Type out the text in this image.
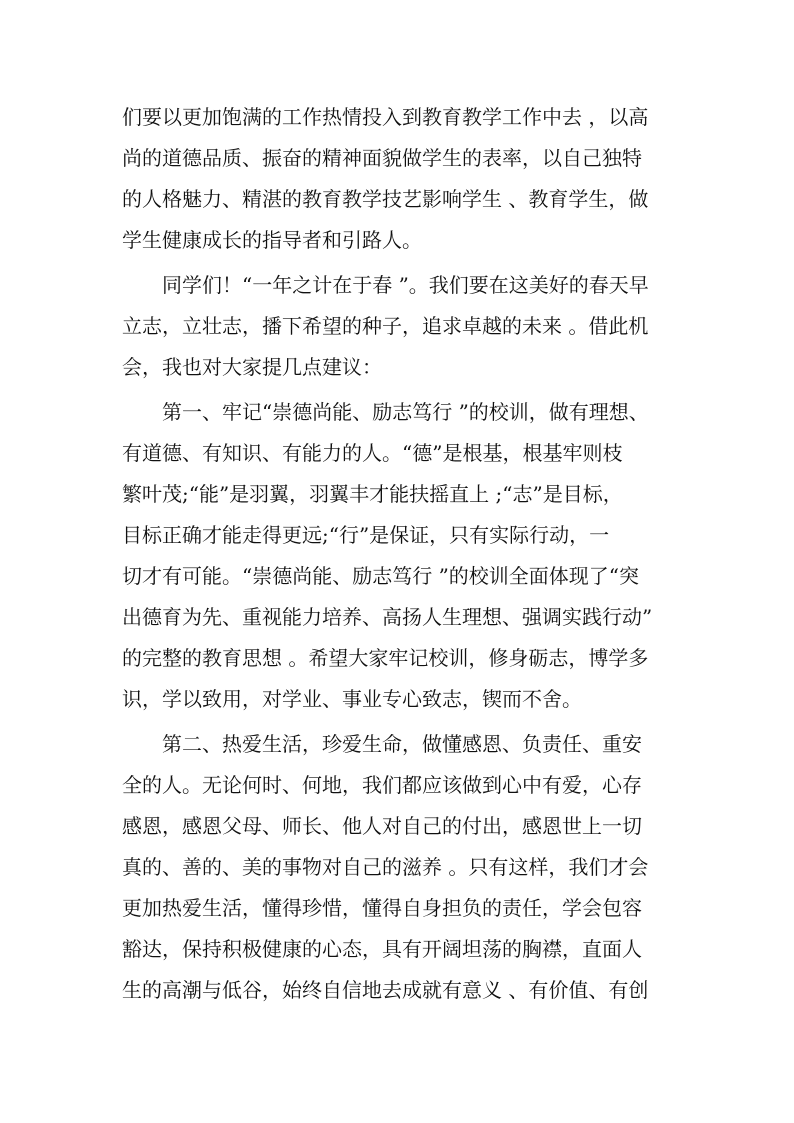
们要以更加饱满的工作热情投入到教育教学工作中去 ，以高
尚的道德品质、振奋的精神面貌做学生的表率，以自己独特
的人格魅力、精湛的教育教学技艺影响学生 、教育学生，做
学生健康成长的指导者和引路人。
　　同学们！“一年之计在于春 ”。我们要在这美好的春天早
立志，立壮志，播下希望的种子，追求卓越的未来 。借此机
会，我也对大家提几点建议：
　　第一、牢记“崇德尚能、励志笃行 ”的校训，做有理想、
有道德、有知识、有能力的人。“德”是根基，根基牢则枝
繁叶茂;“能”是羽翼，羽翼丰才能扶摇直上 ;“志”是目标，
目标正确才能走得更远;“行”是保证，只有实际行动，一
切才有可能。“崇德尚能、励志笃行 ”的校训全面体现了“突
出德育为先、重视能力培养、高扬人生理想、强调实践行动”
的完整的教育思想 。希望大家牢记校训，修身砺志，博学多
识，学以致用，对学业、事业专心致志，锲而不舍。
　　第二、热爱生活，珍爱生命，做懂感恩、负责任、重安
全的人。无论何时、何地，我们都应该做到心中有爱，心存
感恩，感恩父母、师长、他人对自己的付出，感恩世上一切
真的、善的、美的事物对自己的滋养 。只有这样，我们才会
更加热爱生活，懂得珍惜，懂得自身担负的责任，学会包容
豁达，保持积极健康的心态，具有开阔坦荡的胸襟，直面人
生的高潮与低谷，始终自信地去成就有意义 、有价值、有创
